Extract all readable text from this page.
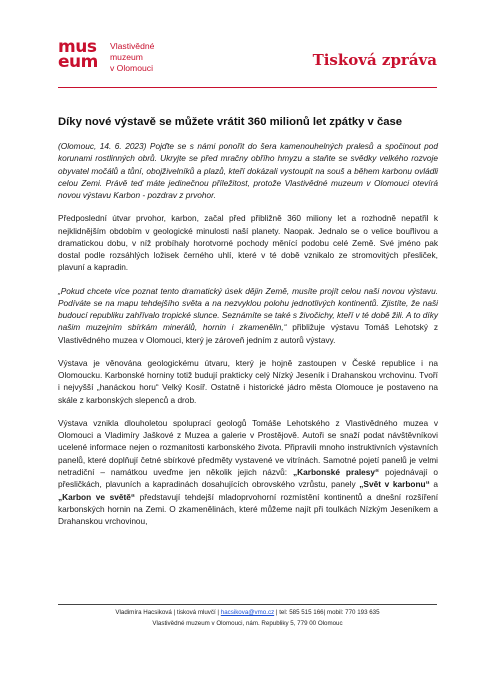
mus
eum
Vlastivědné
muzeum
v Olomouci	Tisková zpráva
Díky nové výstavě se můžete vrátit 360 milionů let zpátky v čase

(Olomouc, 14. 6. 2023) Pojďte se s námi ponořit do šera kamenouhelných pralesů a spočinout pod korunami rostlinných obrů. Ukryjte se před mračny obřího hmyzu a staňte se svědky velkého rozvoje obyvatel močálů a tůní, obojživelníků a plazů, kteří dokázali vystoupit na souš a během karbonu ovládli celou Zemi. Právě teď máte jedinečnou příležitost, protože Vlastivědné muzeum v Olomouci otevírá novou výstavu Karbon - pozdrav z prvohor.

Předposlední útvar prvohor, karbon, začal před přibližně 360 miliony let a rozhodně nepatřil k nejklidnějším obdobím v geologické minulosti naší planety. Naopak. Jednalo se o velice bouřlivou a dramatickou dobu, v níž probíhaly horotvorné pochody měnící podobu celé Země. Své jméno pak dostal podle rozsáhlých ložisek černého uhlí, které v té době vznikalo ze stromovitých přesliček, plavuní a kapradin.

„Pokud chcete více poznat tento dramatický úsek dějin Země, musíte projít celou naši novou výstavu. Podíváte se na mapu tehdejšího světa a na nezvyklou polohu jednotlivých kontinentů. Zjistíte, že naši budoucí republiku zahřívalo tropické slunce. Seznámíte se také s živočichy, kteří v té době žili. A to díky našim muzejním sbírkám minerálů, hornin i zkamenělin,“ přibližuje výstavu Tomáš Lehotský z Vlastivědného muzea v Olomouci, který je zároveň jedním z autorů výstavy.

Výstava je věnována geologickému útvaru, který je hojně zastoupen v České republice i na Olomoucku. Karbonské horniny totiž budují prakticky celý Nízký Jeseník i Drahanskou vrchovinu. Tvoří i nejvyšší „hanáckou horu“ Velký Kosíř. Ostatně i historické jádro města Olomouce je postaveno na skále z karbonských slepenců a drob.

Výstava vznikla dlouholetou spoluprací geologů Tomáše Lehotského z Vlastivědného muzea v Olomouci a Vladimíry Jaškové z Muzea a galerie v Prostějově. Autoři se snaží podat návštěvníkovi ucelené informace nejen o rozmanitosti karbonského života. Připravili mnoho instruktivních výstavních panelů, které doplňují četné sbírkové předměty vystavené ve vitrínách. Samotné pojetí panelů je velmi netradiční – namátkou uveďme jen několik jejich názvů: „Karbonské pralesy“ pojednávají o přesličkách, plavuních a kapradinách dosahujících obrovského vzrůstu, panely „Svět v karbonu“ a „Karbon ve světě“ představují tehdejší mladoprvohorní rozmístění kontinentů a dnešní rozšíření karbonských hornin na Zemi. O zkamenělinách, které můžeme najít při toulkách Nízkým Jeseníkem a Drahanskou vrchovinou,

Vladimíra Hacsiková | tisková mluvčí | hacsikova@vmo.cz | tel: 585 515 166| mobil: 770 193 635
Vlastivědné muzeum v Olomouci, nám. Republiky 5, 779 00 Olomouc
